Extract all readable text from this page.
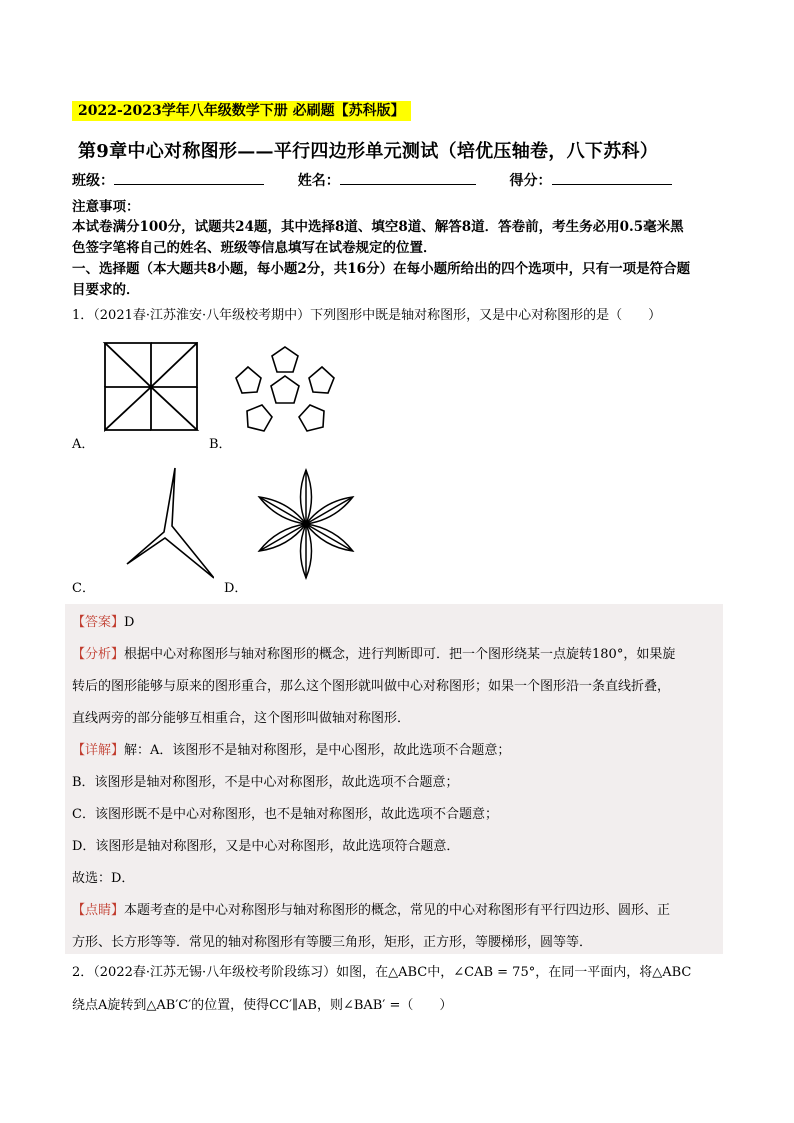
2022-2023学年八年级数学下册 必刷题【苏科版】
第9章中心对称图形——平行四边形单元测试（培优压轴卷，八下苏科）
班级：	姓名：	得分：
注意事项：
本试卷满分100分，试题共24题，其中选择8道、填空8道、解答8道．答卷前，考生务必用0.5毫米黑
色签字笔将自己的姓名、班级等信息填写在试卷规定的位置．
一、选择题（本大题共8小题，每小题2分，共16分）在每小题所给出的四个选项中，只有一项是符合题
目要求的．
1．（2021春·江苏淮安·八年级校考期中）下列图形中既是轴对称图形，又是中心对称图形的是（　　）
A．	B．
C．	D．
【答案】D
【分析】根据中心对称图形与轴对称图形的概念，进行判断即可．把一个图形绕某一点旋转180°，如果旋
转后的图形能够与原来的图形重合，那么这个图形就叫做中心对称图形；如果一个图形沿一条直线折叠，
直线两旁的部分能够互相重合，这个图形叫做轴对称图形．
【详解】解：A．该图形不是轴对称图形，是中心图形，故此选项不合题意；
B．该图形是轴对称图形，不是中心对称图形，故此选项不合题意；
C．该图形既不是中心对称图形，也不是轴对称图形，故此选项不合题意；
D．该图形是轴对称图形，又是中心对称图形，故此选项符合题意．
故选：D．
【点睛】本题考查的是中心对称图形与轴对称图形的概念，常见的中心对称图形有平行四边形、圆形、正
方形、长方形等等．常见的轴对称图形有等腰三角形，矩形，正方形，等腰梯形，圆等等．
2．（2022春·江苏无锡·八年级校考阶段练习）如图，在△ABC中，∠CAB = 75°，在同一平面内，将△ABC
绕点A旋转到△AB′C′的位置，使得CC′∥AB，则∠BAB′ =（　　）
